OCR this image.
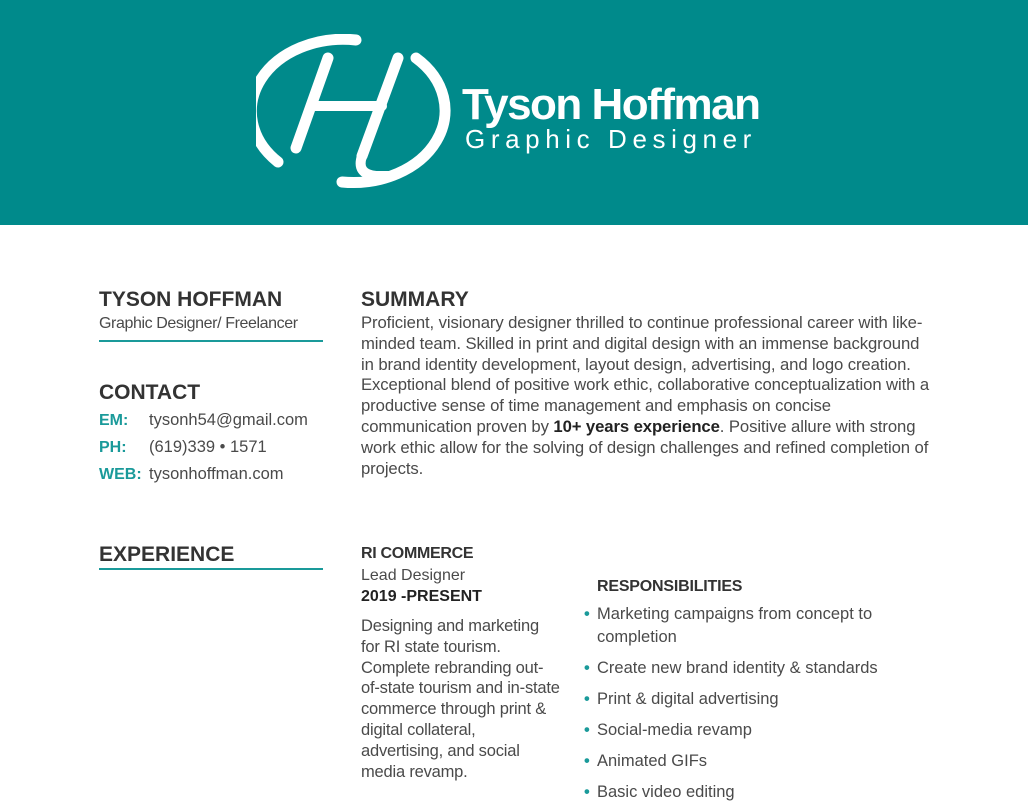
Tyson Hoffman
Graphic Designer
TYSON HOFFMAN
Graphic Designer/ Freelancer
CONTACT
EM:	tysonh54@gmail.com
PH:	(619)339 • 1571
WEB: tysonhoffman.com
SUMMARY
Proficient, visionary designer thrilled to continue professional career with like-minded team. Skilled in print and digital design with an immense background in brand identity development, layout design, advertising, and logo creation. Exceptional blend of positive work ethic, collaborative conceptualization with a productive sense of time management and emphasis on concise communication proven by 10+ years experience. Positive allure with strong work ethic allow for the solving of design challenges and refined completion of projects.
EXPERIENCE	RI COMMERCE
Lead Designer
2019 -PRESENT
Designing and marketing for RI state tourism. Complete rebranding out-of-state tourism and in-state commerce through print & digital collateral, advertising, and social media revamp.
RESPONSIBILITIES
• Marketing campaigns from concept to completion
• Create new brand identity & standards
• Print & digital advertising
• Social-media revamp
• Animated GIFs
• Basic video editing
